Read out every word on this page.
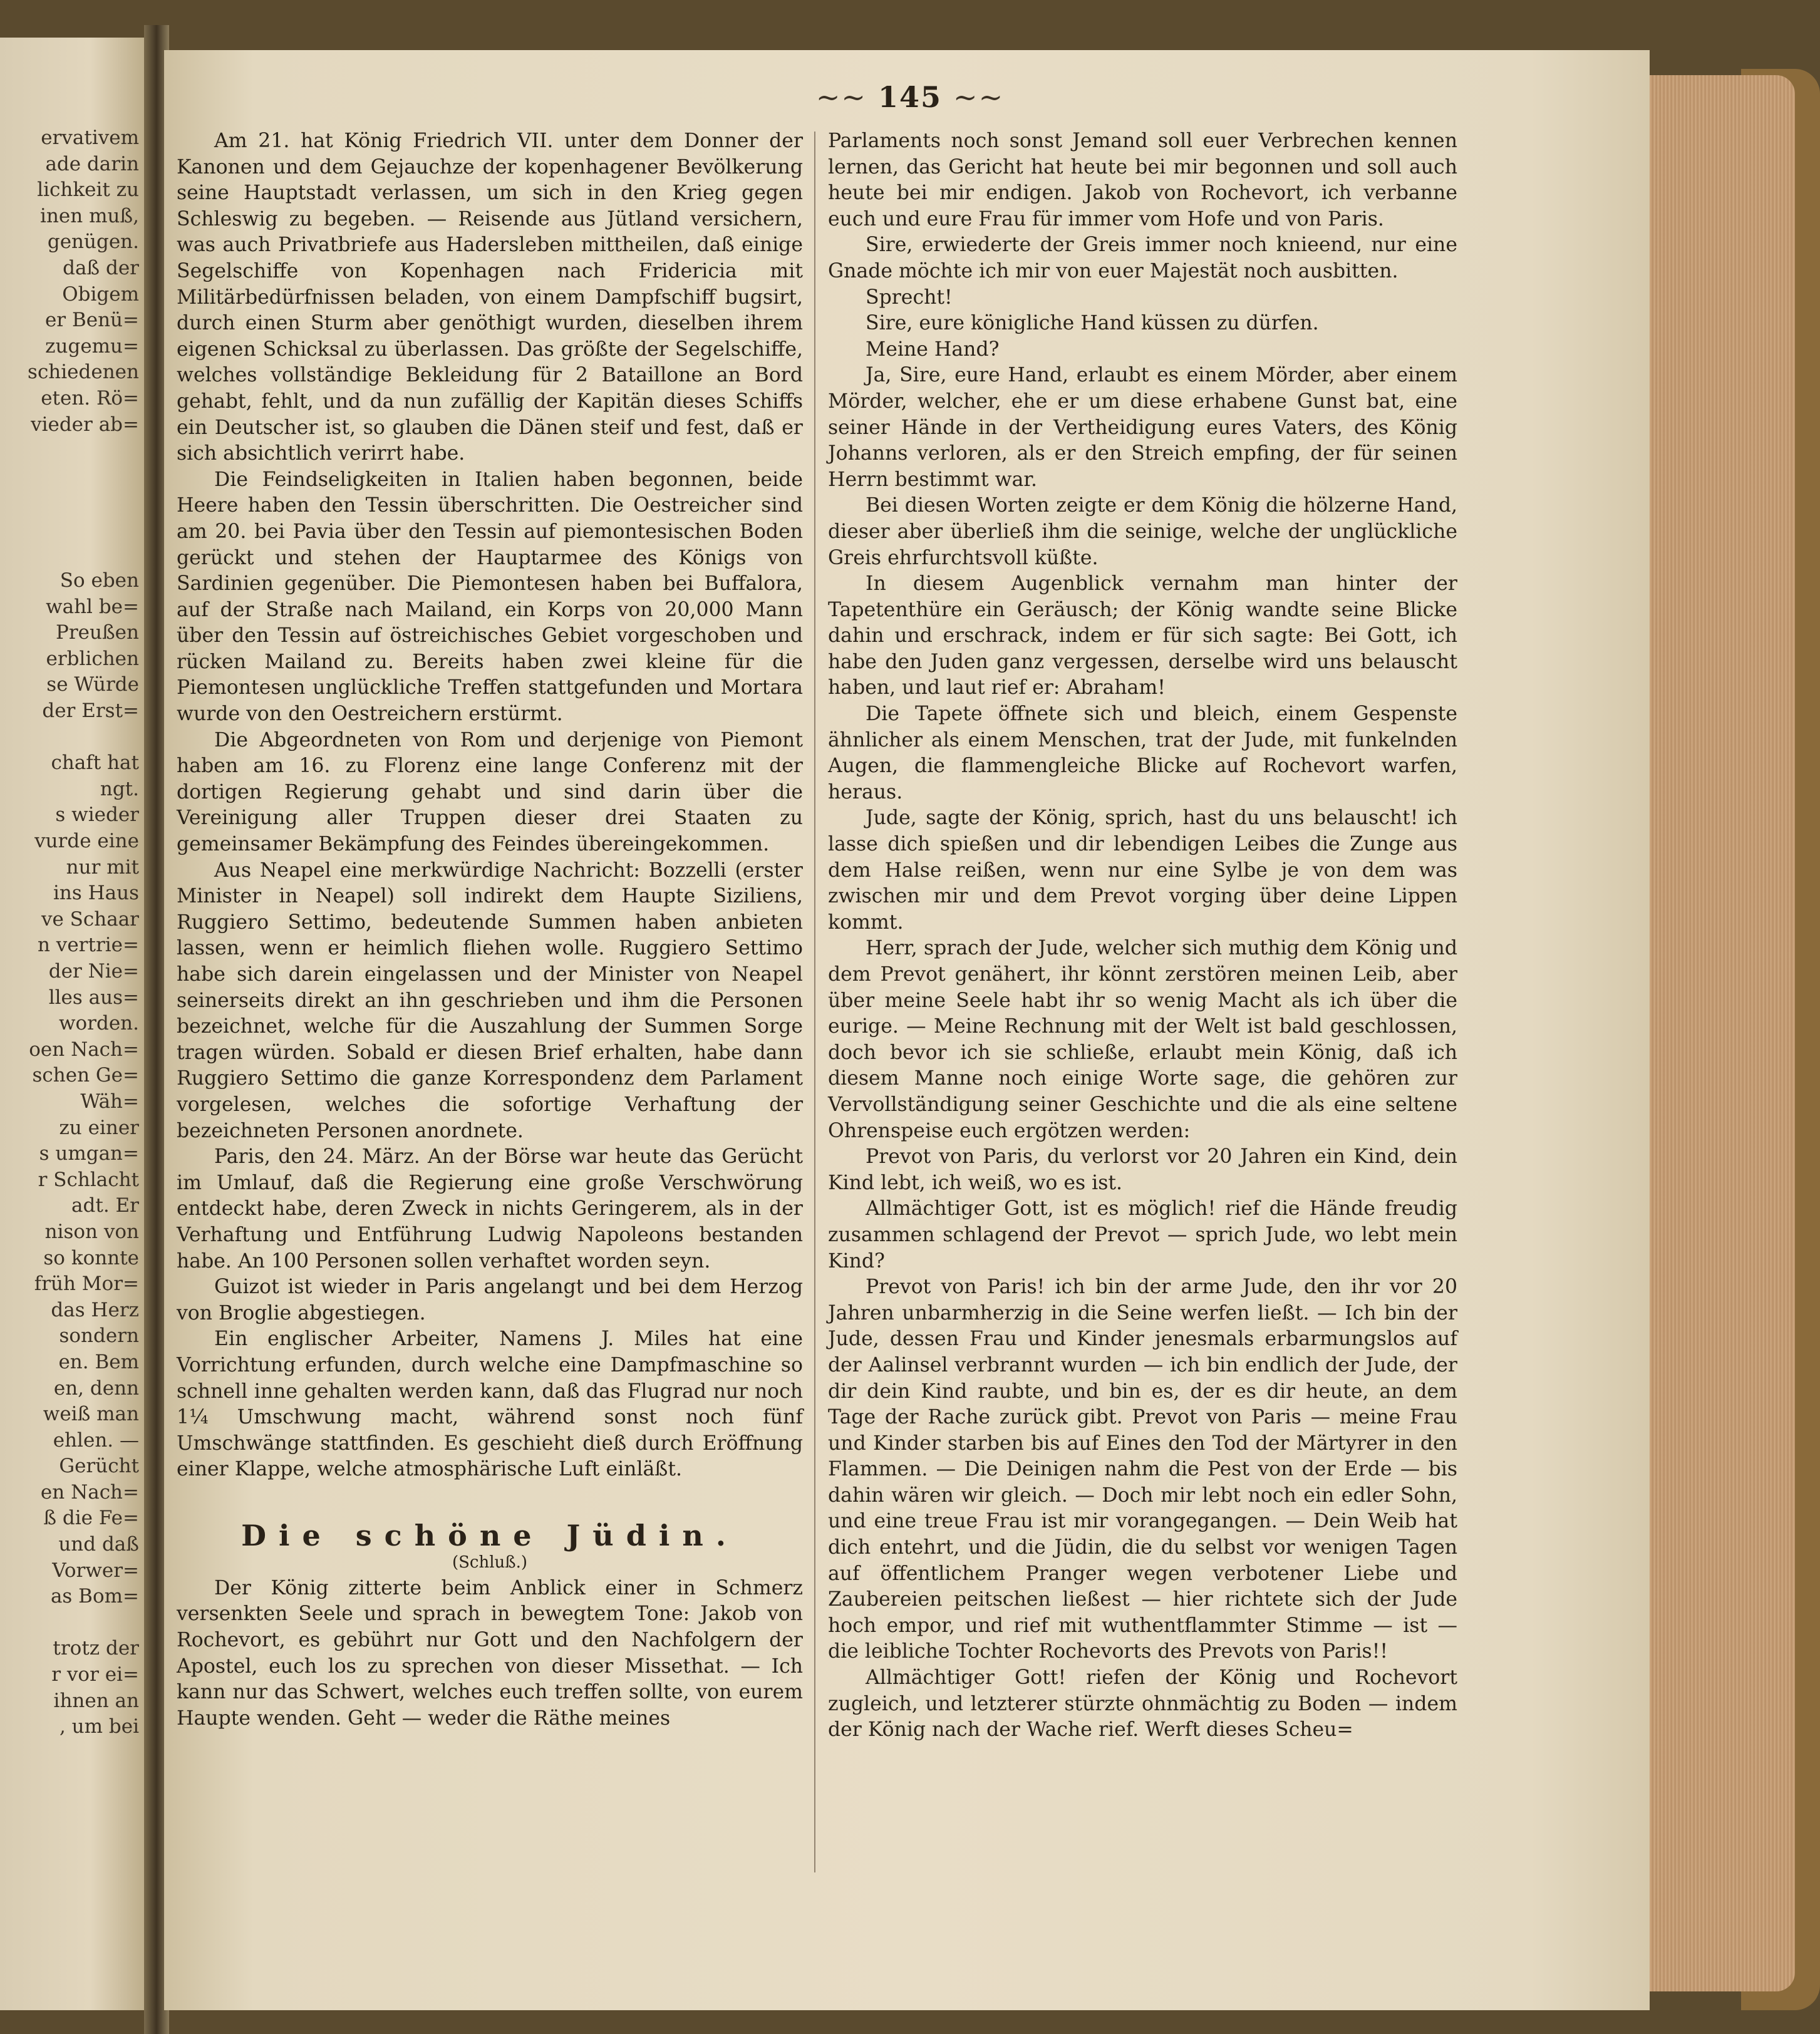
ervativem
ade darin
lichkeit zu
inen muß,
genügen.
daß der
Obigem
er Benü=
zugemu=
schiedenen
eten. Rö=
vieder ab=

So eben
wahl be=
Preußen
erblichen
se Würde
der Erst=

chaft hat
ngt.
s wieder
vurde eine
nur mit
ins Haus
ve Schaar
n vertrie=
der Nie=
lles aus=
worden.
oen Nach=
schen Ge=
Wäh=
zu einer
s umgan=
r Schlacht
adt. Er
nison von
so konnte
früh Mor=
das Herz
sondern
en. Bem
en, denn
weiß man
ehlen. —
Gerücht
en Nach=
ß die Fe=
und daß
Vorwer=
as Bom=

trotz der
r vor ei=
ihnen an
, um bei
~~ 145 ~~

Am 21. hat König Friedrich VII. unter dem Donner der Kanonen und dem Gejauchze der kopenhagener Bevölkerung seine Hauptstadt verlassen, um sich in den Krieg gegen Schleswig zu begeben. — Reisende aus Jütland versichern, was auch Privatbriefe aus Hadersleben mittheilen, daß einige Segelschiffe von Kopenhagen nach Fridericia mit Militärbedürfnissen beladen, von einem Dampfschiff bugsirt, durch einen Sturm aber genöthigt wurden, dieselben ihrem eigenen Schicksal zu überlassen. Das größte der Segelschiffe, welches vollständige Bekleidung für 2 Bataillone an Bord gehabt, fehlt, und da nun zufällig der Kapitän dieses Schiffs ein Deutscher ist, so glauben die Dänen steif und fest, daß er sich absichtlich verirrt habe.

Die Feindseligkeiten in Italien haben begonnen, beide Heere haben den Tessin überschritten. Die Oestreicher sind am 20. bei Pavia über den Tessin auf piemontesischen Boden gerückt und stehen der Hauptarmee des Königs von Sardinien gegenüber. Die Piemontesen haben bei Buffalora, auf der Straße nach Mailand, ein Korps von 20,000 Mann über den Tessin auf östreichisches Gebiet vorgeschoben und rücken Mailand zu. Bereits haben zwei kleine für die Piemontesen unglückliche Treffen stattgefunden und Mortara wurde von den Oestreichern erstürmt.

Die Abgeordneten von Rom und derjenige von Piemont haben am 16. zu Florenz eine lange Conferenz mit der dortigen Regierung gehabt und sind darin über die Vereinigung aller Truppen dieser drei Staaten zu gemeinsamer Bekämpfung des Feindes übereingekommen.

Aus Neapel eine merkwürdige Nachricht: Bozzelli (erster Minister in Neapel) soll indirekt dem Haupte Siziliens, Ruggiero Settimo, bedeutende Summen haben anbieten lassen, wenn er heimlich fliehen wolle. Ruggiero Settimo habe sich darein eingelassen und der Minister von Neapel seinerseits direkt an ihn geschrieben und ihm die Personen bezeichnet, welche für die Auszahlung der Summen Sorge tragen würden. Sobald er diesen Brief erhalten, habe dann Ruggiero Settimo die ganze Korrespondenz dem Parlament vorgelesen, welches die sofortige Verhaftung der bezeichneten Personen anordnete.

Paris, den 24. März. An der Börse war heute das Gerücht im Umlauf, daß die Regierung eine große Verschwörung entdeckt habe, deren Zweck in nichts Geringerem, als in der Verhaftung und Entführung Ludwig Napoleons bestanden habe. An 100 Personen sollen verhaftet worden seyn.

Guizot ist wieder in Paris angelangt und bei dem Herzog von Broglie abgestiegen.

Ein englischer Arbeiter, Namens J. Miles hat eine Vorrichtung erfunden, durch welche eine Dampfmaschine so schnell inne gehalten werden kann, daß das Flugrad nur noch 1¼ Umschwung macht, während sonst noch fünf Umschwänge stattfinden. Es geschieht dieß durch Eröffnung einer Klappe, welche atmosphärische Luft einläßt.

Die schöne Jüdin.

(Schluß.)

Der König zitterte beim Anblick einer in Schmerz versenkten Seele und sprach in bewegtem Tone: Jakob von Rochevort, es gebührt nur Gott und den Nachfolgern der Apostel, euch los zu sprechen von dieser Missethat. — Ich kann nur das Schwert, welches euch treffen sollte, von eurem Haupte wenden. Geht — weder die Räthe meines

Parlaments noch sonst Jemand soll euer Verbrechen kennen lernen, das Gericht hat heute bei mir begonnen und soll auch heute bei mir endigen. Jakob von Rochevort, ich verbanne euch und eure Frau für immer vom Hofe und von Paris.

Sire, erwiederte der Greis immer noch knieend, nur eine Gnade möchte ich mir von euer Majestät noch ausbitten.

Sprecht!

Sire, eure königliche Hand küssen zu dürfen.

Meine Hand?

Ja, Sire, eure Hand, erlaubt es einem Mörder, aber einem Mörder, welcher, ehe er um diese erhabene Gunst bat, eine seiner Hände in der Vertheidigung eures Vaters, des König Johanns verloren, als er den Streich empfing, der für seinen Herrn bestimmt war.

Bei diesen Worten zeigte er dem König die hölzerne Hand, dieser aber überließ ihm die seinige, welche der unglückliche Greis ehrfurchtsvoll küßte.

In diesem Augenblick vernahm man hinter der Tapetenthüre ein Geräusch; der König wandte seine Blicke dahin und erschrack, indem er für sich sagte: Bei Gott, ich habe den Juden ganz vergessen, derselbe wird uns belauscht haben, und laut rief er: Abraham!

Die Tapete öffnete sich und bleich, einem Gespenste ähnlicher als einem Menschen, trat der Jude, mit funkelnden Augen, die flammengleiche Blicke auf Rochevort warfen, heraus.

Jude, sagte der König, sprich, hast du uns belauscht! ich lasse dich spießen und dir lebendigen Leibes die Zunge aus dem Halse reißen, wenn nur eine Sylbe je von dem was zwischen mir und dem Prevot vorging über deine Lippen kommt.

Herr, sprach der Jude, welcher sich muthig dem König und dem Prevot genähert, ihr könnt zerstören meinen Leib, aber über meine Seele habt ihr so wenig Macht als ich über die eurige. — Meine Rechnung mit der Welt ist bald geschlossen, doch bevor ich sie schließe, erlaubt mein König, daß ich diesem Manne noch einige Worte sage, die gehören zur Vervollständigung seiner Geschichte und die als eine seltene Ohrenspeise euch ergötzen werden:

Prevot von Paris, du verlorst vor 20 Jahren ein Kind, dein Kind lebt, ich weiß, wo es ist.

Allmächtiger Gott, ist es möglich! rief die Hände freudig zusammen schlagend der Prevot — sprich Jude, wo lebt mein Kind?

Prevot von Paris! ich bin der arme Jude, den ihr vor 20 Jahren unbarmherzig in die Seine werfen ließt. — Ich bin der Jude, dessen Frau und Kinder jenesmals erbarmungslos auf der Aalinsel verbrannt wurden — ich bin endlich der Jude, der dir dein Kind raubte, und bin es, der es dir heute, an dem Tage der Rache zurück gibt. Prevot von Paris — meine Frau und Kinder starben bis auf Eines den Tod der Märtyrer in den Flammen. — Die Deinigen nahm die Pest von der Erde — bis dahin wären wir gleich. — Doch mir lebt noch ein edler Sohn, und eine treue Frau ist mir vorangegangen. — Dein Weib hat dich entehrt, und die Jüdin, die du selbst vor wenigen Tagen auf öffentlichem Pranger wegen verbotener Liebe und Zaubereien peitschen ließest — hier richtete sich der Jude hoch empor, und rief mit wuthentflammter Stimme — ist — die leibliche Tochter Rochevorts des Prevots von Paris!!

Allmächtiger Gott! riefen der König und Rochevort zugleich, und letzterer stürzte ohnmächtig zu Boden — indem der König nach der Wache rief. Werft dieses Scheu=
